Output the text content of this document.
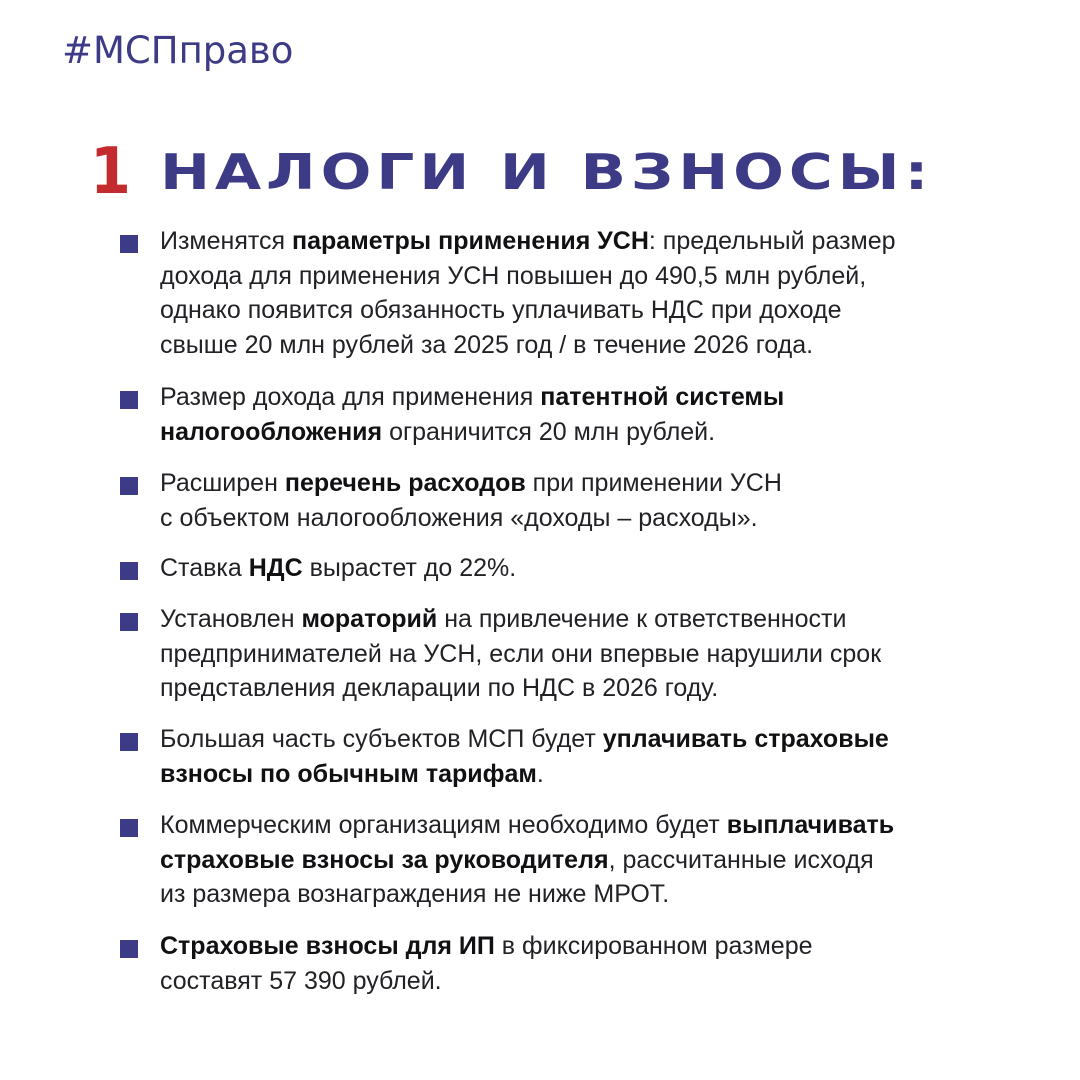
#МСПправо
1 НАЛОГИ И ВЗНОСЫ:
Изменятся параметры применения УСН: предельный размер
дохода для применения УСН повышен до 490,5 млн рублей,
однако появится обязанность уплачивать НДС при доходе
свыше 20 млн рублей за 2025 год / в течение 2026 года.
Размер дохода для применения патентной системы
налогообложения ограничится 20 млн рублей.
Расширен перечень расходов при применении УСН
с объектом налогообложения «доходы – расходы».
Ставка НДС вырастет до 22%.
Установлен мораторий на привлечение к ответственности
предпринимателей на УСН, если они впервые нарушили срок
представления декларации по НДС в 2026 году.
Большая часть субъектов МСП будет уплачивать страховые
взносы по обычным тарифам.
Коммерческим организациям необходимо будет выплачивать
страховые взносы за руководителя, рассчитанные исходя
из размера вознаграждения не ниже МРОТ.
Страховые взносы для ИП в фиксированном размере
составят 57 390 рублей.
